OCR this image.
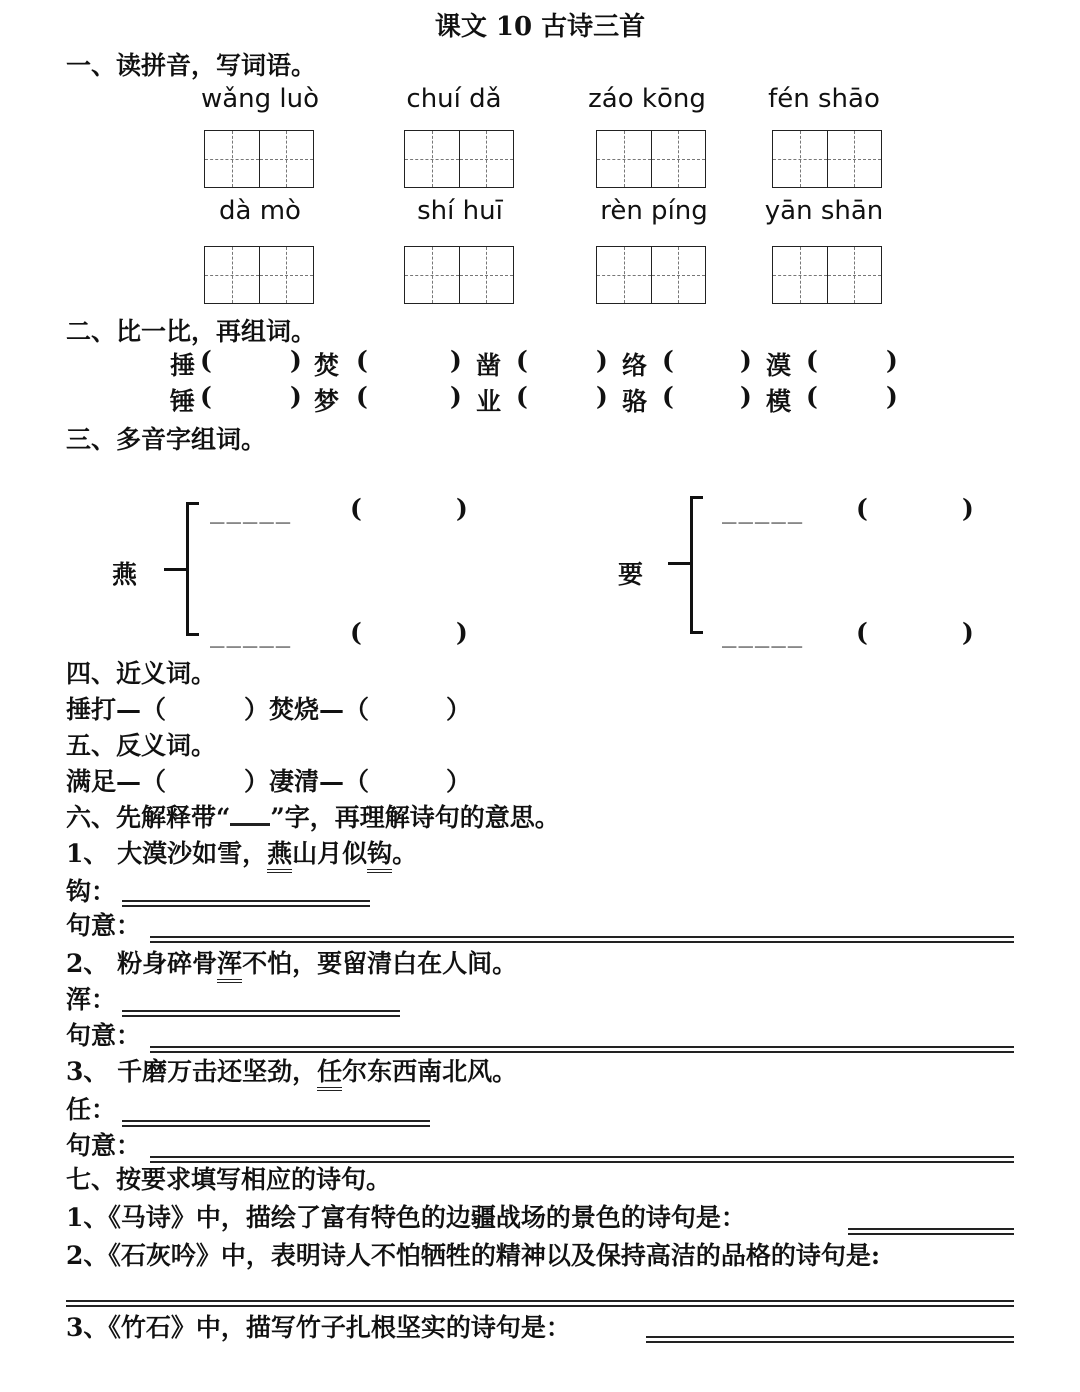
课文 10 古诗三首
一、读拼音，写词语。
wǎng luò	chuí dǎ	záo kōng	fén shāo
dà mò	shí huī	rèn píng	yān shān
二、比一比，再组词。
捶 (	) 焚 (	) 凿 (	) 络 (	) 漠 (	)
锤 (	) 梦 (	) 业 (	) 骆 (	) 模 (	)
三、多音字组词。
燕
_____ (	)
_____ (	)
要
_____ (	)
_____ (	)
四、近义词。
捶打—（	）焚烧—（	）
五、反义词。
满足—（	）凄清—（	）
六、先解释带“ ”字，再理解诗句的意思。
1、 大漠沙如雪，燕山月似钩。
钩：
句意：
2、 粉身碎骨浑不怕，要留清白在人间。
浑：
句意：
3、 千磨万击还坚劲，任尔东西南北风。
任：
句意：
七、按要求填写相应的诗句。
1、《马诗》中，描绘了富有特色的边疆战场的景色的诗句是：
2、《石灰吟》中，表明诗人不怕牺牲的精神以及保持高洁的品格的诗句是:
3、《竹石》中，描写竹子扎根坚实的诗句是：
